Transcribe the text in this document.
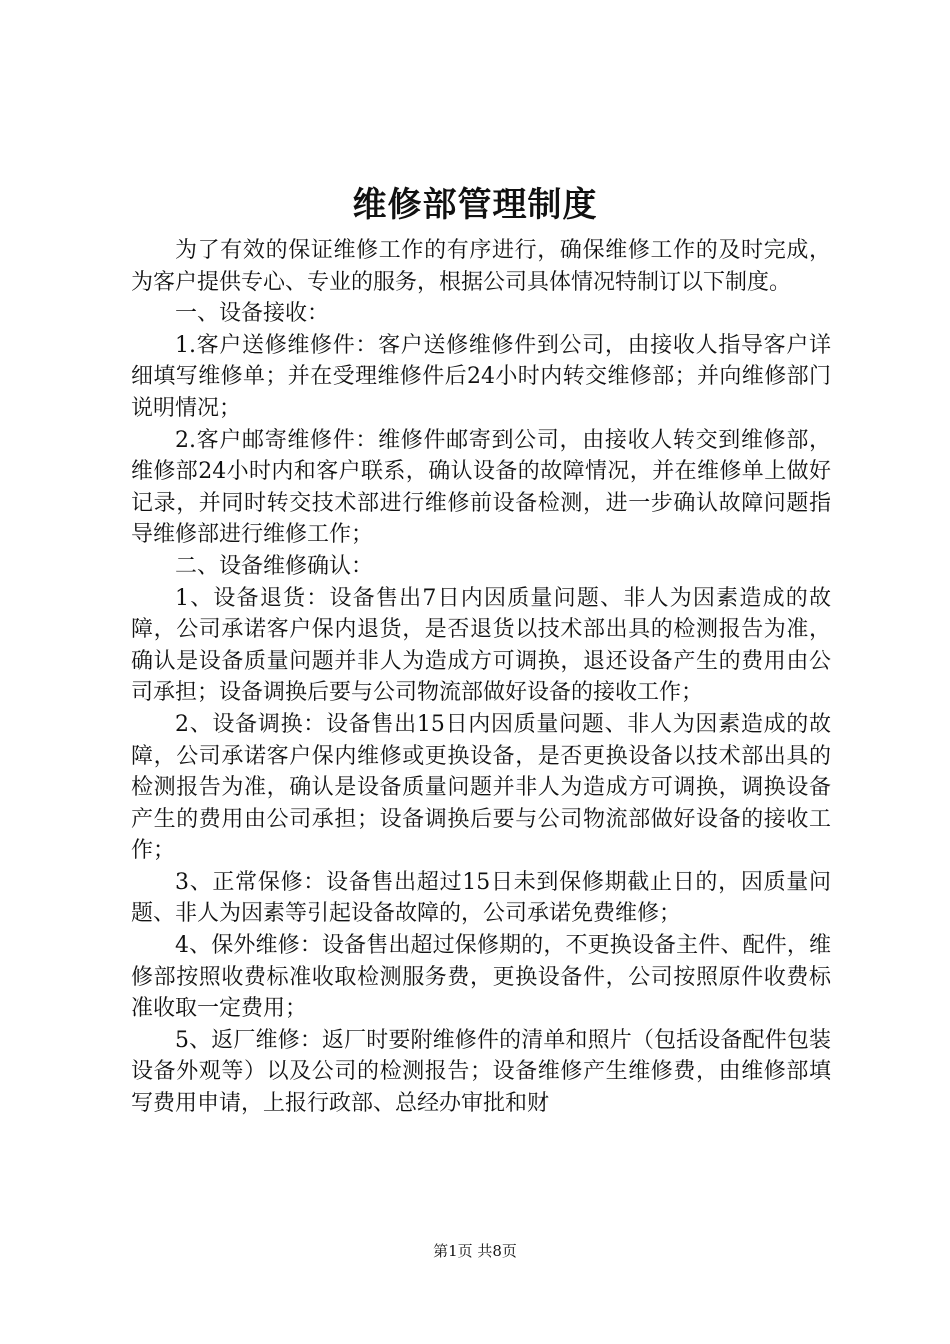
维修部管理制度

为了有效的保证维修工作的有序进行，确保维修工作的及时完成，为客户提供专心、专业的服务，根据公司具体情况特制订以下制度。

一、设备接收：

1.客户送修维修件：客户送修维修件到公司，由接收人指导客户详细填写维修单；并在受理维修件后24小时内转交维修部；并向维修部门说明情况；

2.客户邮寄维修件：维修件邮寄到公司，由接收人转交到维修部，维修部24小时内和客户联系，确认设备的故障情况，并在维修单上做好记录，并同时转交技术部进行维修前设备检测，进一步确认故障问题指导维修部进行维修工作；

二、设备维修确认：

1、设备退货：设备售出7日内因质量问题、非人为因素造成的故障，公司承诺客户保内退货，是否退货以技术部出具的检测报告为准，确认是设备质量问题并非人为造成方可调换，退还设备产生的费用由公司承担；设备调换后要与公司物流部做好设备的接收工作；

2、设备调换：设备售出15日内因质量问题、非人为因素造成的故障，公司承诺客户保内维修或更换设备，是否更换设备以技术部出具的检测报告为准，确认是设备质量问题并非人为造成方可调换，调换设备产生的费用由公司承担；设备调换后要与公司物流部做好设备的接收工作；

3、正常保修：设备售出超过15日未到保修期截止日的，因质量问题、非人为因素等引起设备故障的，公司承诺免费维修；

4、保外维修：设备售出超过保修期的，不更换设备主件、配件，维修部按照收费标准收取检测服务费，更换设备件，公司按照原件收费标准收取一定费用；

5、返厂维修：返厂时要附维修件的清单和照片（包括设备配件包装设备外观等）以及公司的检测报告；设备维修产生维修费，由维修部填写费用申请，上报行政部、总经办审批和财

第1页 共8页
